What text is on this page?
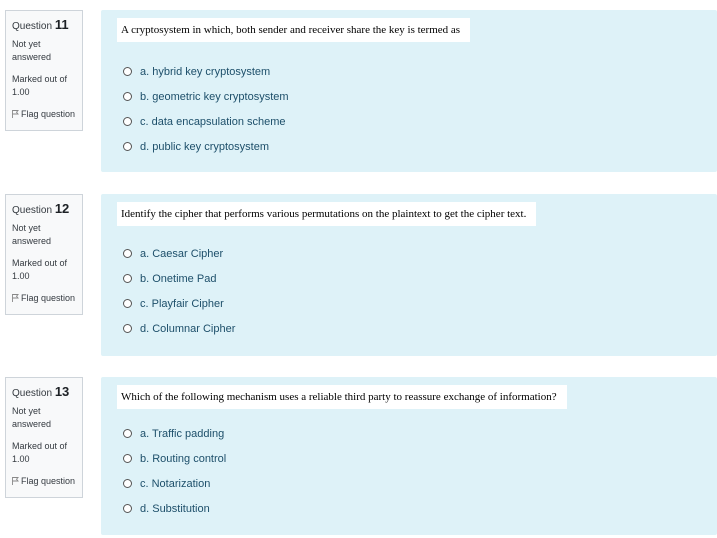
Question 11
Not yet answered
Marked out of 1.00
Flag question
A cryptosystem in which, both sender and receiver share the key is termed as
a. hybrid key cryptosystem
b. geometric key cryptosystem
c. data encapsulation scheme
d. public key cryptosystem
Question 12
Not yet answered
Marked out of 1.00
Flag question
Identify the cipher that performs various permutations on the plaintext to get the cipher text.
a. Caesar Cipher
b. Onetime Pad
c. Playfair Cipher
d. Columnar Cipher
Question 13
Not yet answered
Marked out of 1.00
Flag question
Which of the following mechanism uses a reliable third party to reassure exchange of information?
a. Traffic padding
b. Routing control
c. Notarization
d. Substitution
